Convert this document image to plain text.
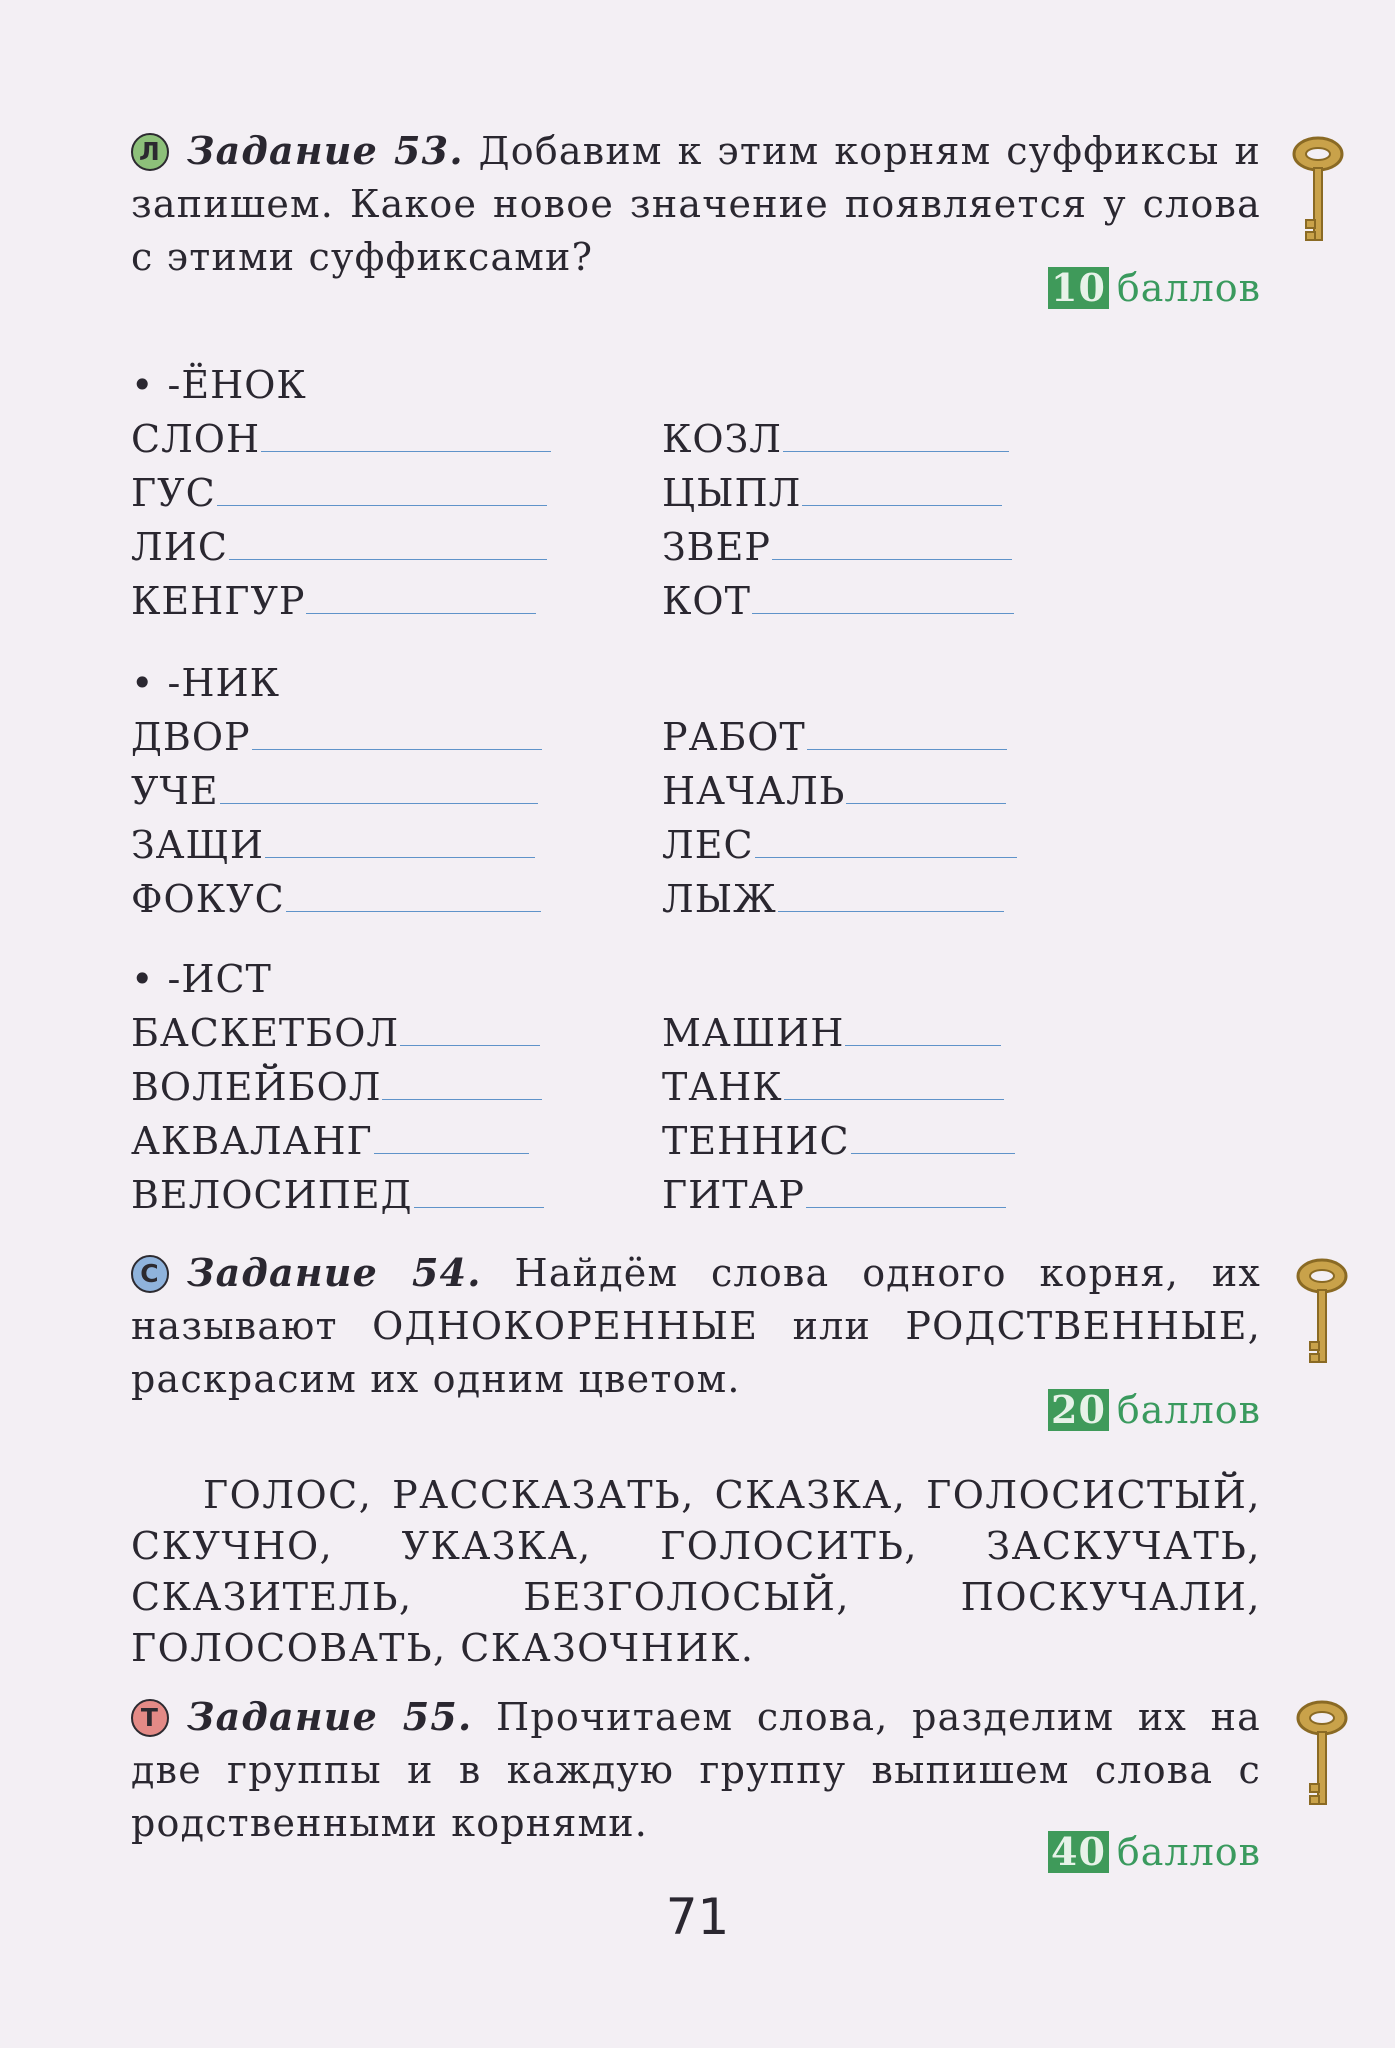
Л Задание 53. Добавим к этим корням суффиксы и запишем. Какое новое значение появляется у слова с этими суффиксами?

10 баллов
• -ЁНОК
СЛОН
ГУС
ЛИС
КЕНГУР
КОЗЛ
ЦЫПЛ
ЗВЕР
КОТ
• -НИК
ДВОР
УЧЕ
ЗАЩИ
ФОКУС
РАБОТ
НАЧАЛЬ
ЛЕС
ЛЫЖ
• -ИСТ
БАСКЕТБОЛ
ВОЛЕЙБОЛ
АКВАЛАНГ
ВЕЛОСИПЕД
МАШИН
ТАНК
ТЕННИС
ГИТАР

С Задание 54. Найдём слова одного корня, их называют ОДНОКОРЕННЫЕ или РОДСТВЕННЫЕ, раскрасим их одним цветом.

20 баллов

ГОЛОС, РАССКАЗАТЬ, СКАЗКА, ГОЛОСИСТЫЙ, СКУЧНО, УКАЗКА, ГОЛОСИТЬ, ЗАСКУЧАТЬ, СКАЗИТЕЛЬ, БЕЗГОЛОСЫЙ, ПОСКУЧАЛИ, ГОЛОСОВАТЬ, СКАЗОЧНИК.

Т Задание 55. Прочитаем слова, разделим их на две группы и в каждую группу выпишем слова с родственными корнями.

40 баллов
71
